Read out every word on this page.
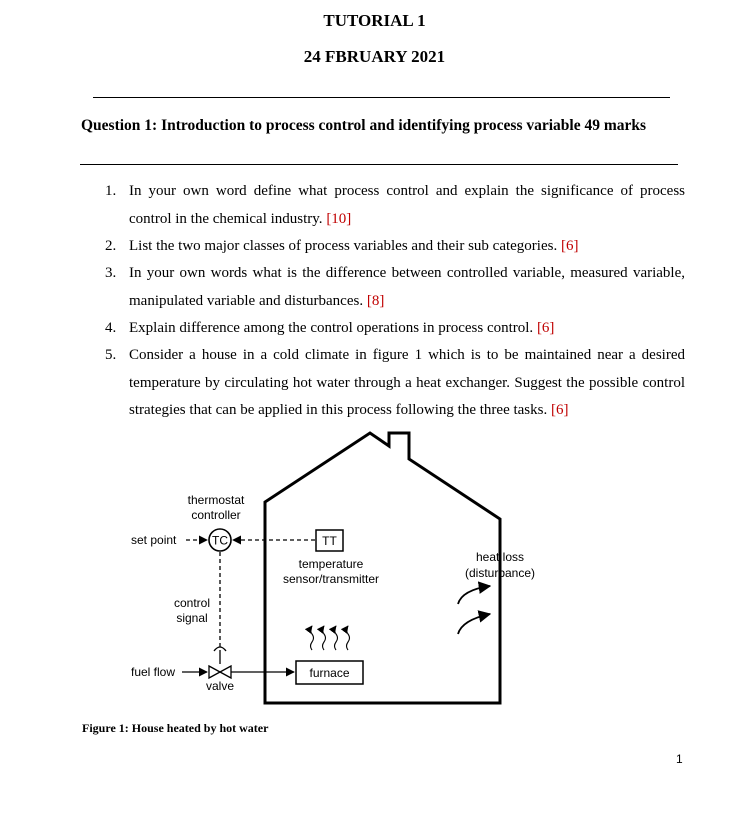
TUTORIAL 1
24 FBRUARY 2021
Question 1: Introduction to process control and identifying process variable 49 marks
1. In your own word define what process control and explain the significance of process control in the chemical industry. [10]
2. List the two major classes of process variables and their sub categories. [6]
3. In your own words what is the difference between controlled variable, measured variable, manipulated variable and disturbances. [8]
4. Explain difference among the control operations in process control. [6]
5. Consider a house in a cold climate in figure 1 which is to be maintained near a desired temperature by circulating hot water through a heat exchanger. Suggest the possible control strategies that can be applied in this process following the three tasks. [6]
TC	TT
furnace
thermostat
controller
set point
temperature
sensor/transmitter
heat loss
(disturbance)
control
signal
fuel flow
valve
Figure 1: House heated by hot water
1
